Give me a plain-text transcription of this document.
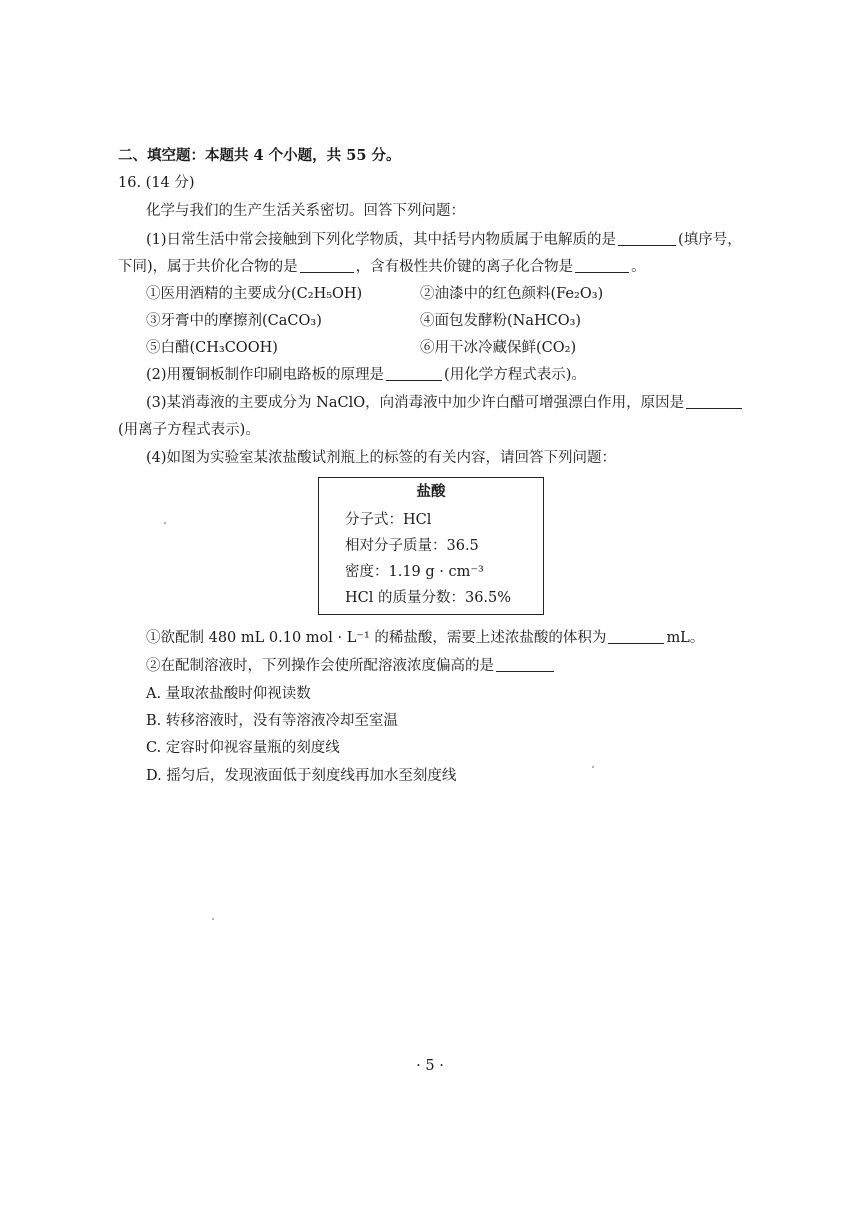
二、填空题：本题共 4 个小题，共 55 分。
16. (14 分)
化学与我们的生产生活关系密切。回答下列问题：
(1)日常生活中常会接触到下列化学物质，其中括号内物质属于电解质的是	(填序号，
下同)，属于共价化合物的是	，含有极性共价键的离子化合物是	。
①医用酒精的主要成分(C₂H₅OH)	②油漆中的红色颜料(Fe₂O₃)
③牙膏中的摩擦剂(CaCO₃)	④面包发酵粉(NaHCO₃)
⑤白醋(CH₃COOH)	⑥用干冰冷藏保鲜(CO₂)
(2)用覆铜板制作印刷电路板的原理是	(用化学方程式表示)。
(3)某消毒液的主要成分为 NaClO，向消毒液中加少许白醋可增强漂白作用，原因是
(用离子方程式表示)。
(4)如图为实验室某浓盐酸试剂瓶上的标签的有关内容，请回答下列问题：
盐酸
分子式：HCl
相对分子质量：36.5
密度：1.19 g · cm⁻³
HCl 的质量分数：36.5%
①欲配制 480 mL 0.10 mol · L⁻¹ 的稀盐酸，需要上述浓盐酸的体积为	mL。
②在配制溶液时，下列操作会使所配溶液浓度偏高的是
A. 量取浓盐酸时仰视读数
B. 转移溶液时，没有等溶液冷却至室温
C. 定容时仰视容量瓶的刻度线
D. 摇匀后，发现液面低于刻度线再加水至刻度线
· 5 ·
